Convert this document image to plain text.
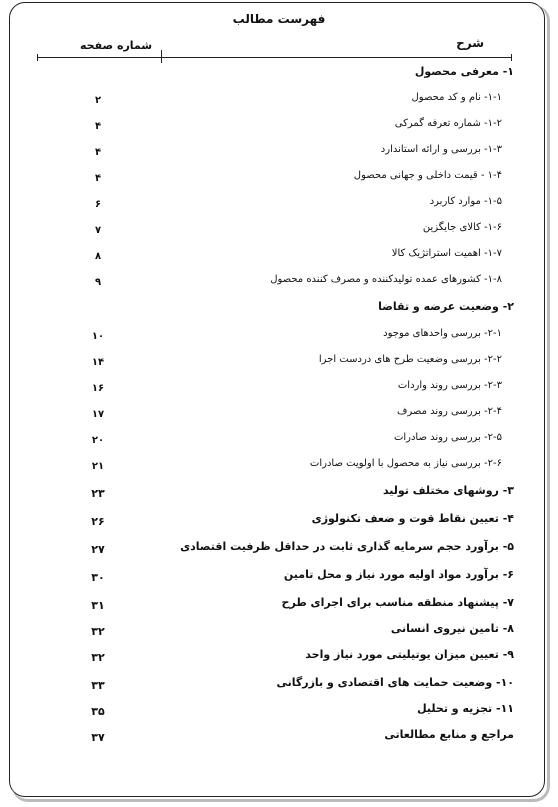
فهرست مطالب
شرح
شماره صفحه
۱- معرفی محصول
۱-۱- نام و کد محصول
۲
۱-۲- شماره تعرفه گمرکی
۴
۱-۳- بررسی و ارائه استاندارد
۴
۱-۴ - قیمت داخلی و جهانی محصول
۴
۱-۵- موارد کاربرد
۶
۱-۶- کالای جایگزین
۷
۱-۷- اهمیت استراتژیک کالا
۸
۱-۸- کشورهای عمده تولیدکننده و مصرف کننده محصول
۹
۲- وضعیت عرضه و تقاضا
۲-۱- بررسی واحدهای موجود
۱۰
۲-۲- بررسی وضعیت طرح های دردست اجرا
۱۴
۲-۳- بررسی روند واردات
۱۶
۲-۴- بررسی روند مصرف
۱۷
۲-۵- بررسی روند صادرات
۲۰
۲-۶- بررسی نیاز به محصول با اولویت صادرات
۲۱
۳- روشهای مختلف تولید
۲۳
۴- تعیین نقاط قوت و ضعف تکنولوژی
۲۶
۵- برآورد حجم سرمایه گذاری ثابت در حداقل ظرفیت اقتصادی
۲۷
۶- برآورد مواد اولیه مورد نیاز و محل تامین
۳۰
۷- پیشنهاد منطقه مناسب برای اجرای طرح
۳۱
۸- تامین نیروی انسانی
۳۲
۹- تعیین میزان یوتیلیتی مورد نیاز واحد
۳۲
۱۰- وضعیت حمایت های اقتصادی و بازرگانی
۳۳
۱۱- تجزیه و تحلیل
۳۵
مراجع و منابع مطالعاتی
۳۷
